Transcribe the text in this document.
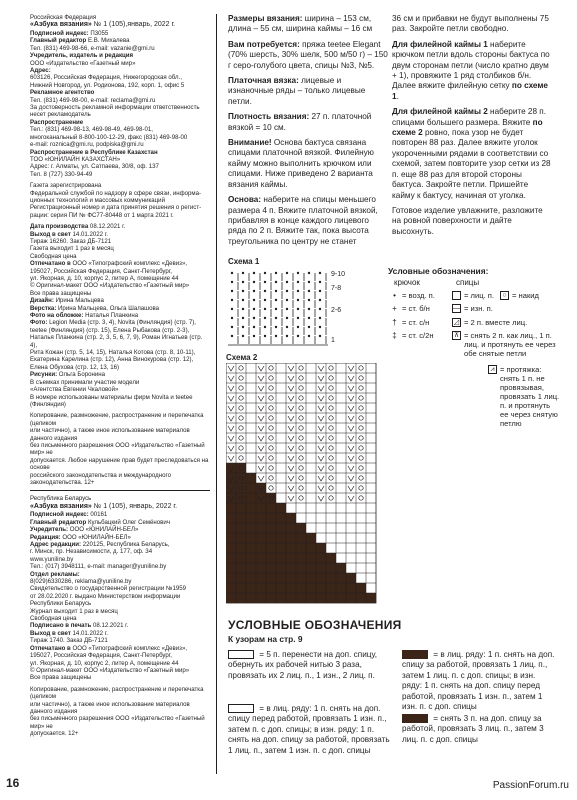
Российская Федерация

«Азбука вязания» № 1 (105),январь, 2022 г.

Подписной индекс: П3055

Главный редактор Е.В. Михалева

Тел. (831) 469-98-66, e-mail: vazanie@gmi.ru

Учредитель, издатель и редакция

ООО «Издательство «Газетный мир»

Адрес:

603126, Российская Федерация, Нижегородская обл.,

Нижний Новгород, ул. Родионова, 192, корп. 1, офис 5

Рекламное агентство

Тел. (831) 469-98-00, e-mail: reclama@gmi.ru

За достоверность рекламной информации ответственность

несет рекламодатель

Распространение

Тел.: (831) 469-98-13, 469-98-49, 469-98-01,

многоканальный 8-800-100-12-29, факс (831) 469-98-00

e-mail: roznica@gmi.ru, podpiska@gmi.ru

Распространение в Республике Казахстан

ТОО «ЮНИЛАЙН КАЗАХСТАН»

Адрес: г. Алматы, ул. Сатпаева, 30/8, оф. 137

Тел. 8 (727) 330-94-49

Газета зарегистрирована

Федеральной службой по надзору в сфере связи, информа-

ционных технологий и массовых коммуникаций

Регистрационный номер и дата принятия решения о регист-

рации: серия ПИ № ФС77-80448 от 1 марта 2021 г.

Дата производства 08.12.2021 г.

Выход в свет 14.01.2022 г.

Тираж 16260. Заказ ДБ-7121

Газета выходит 1 раз в месяц

Свободная цена

Отпечатано в ООО «Типографский комплекс «Девиз»,

195027, Российская Федерация, Санкт-Петербург,

ул. Якорная, д. 10, корпус 2, литер А, помещение 44

© Оригинал-макет ООО «Издательство «Газетный мир»

Все права защищены

Дизайн: Ирина Мальцева

Верстка: Ирина Мальцева, Ольга Шалашова

Фото на обложке: Наталья Планкина

Фото: Legion Media (стр. 3, 4), Novita (Финляндия) (стр. 7),

teetee (Финляндия) (стр. 15), Елена Рыбакова (стр. 2-3),

Наталья Планкина (стр. 2, 3, 5, 6, 7, 9), Роман Игнатьев (стр. 4),

Рита Кожан (стр. 5, 14, 15), Наталья Котова (стр. 8, 10-11),

Екатерина Карелина (стр. 12), Анна Винокурова (стр. 12),

Елена Обухова (стр. 12, 13, 16)

Рисунки: Ольга Боронина

В съемках принимали участие модели

«Агентства Евгении Чкаловой»

В номере использованы материалы фирм Novita и teetee

(Финляндия)

Копирование, размножение, распространение и перепечатка (целиком

или частично), а также иное использование материалов данного издания

без письменного разрешения ООО «Издательство «Газетный мир» не

допускается. Любое нарушение прав будет преследоваться на основе

российского законодательства и международного законодательства. 12+

Республика Беларусь

«Азбука вязания» № 1 (105), январь, 2022 г.

Подписной индекс: 00161

Главный редактор Кульбацкий Олег Семёнович

Учредитель: ООО «ЮНИЛАЙН-БЕЛ»

Редакция: ООО «ЮНИЛАЙН-БЕЛ»

Адрес редакции: 220125, Республика Беларусь,

г. Минск, пр. Независимости, д. 177, оф. 34

www.yuniline.by

Тел.: (017) 3948111, e-mail: manager@yuniline.by

Отдел рекламы:

8(029)6330286, reklama@yuniline.by

Свидетельство о государственной регистрации №1959

от 28.02.2020 г. выдано Министерством информации

Республики Беларусь

Журнал выходит 1 раз в месяц

Свободная цена

Подписано в печать 08.12.2021 г.

Выход в свет 14.01.2022 г.

Тираж 1740. Заказ ДБ-7121

Отпечатано в ООО «Типографский комплекс «Девиз»,

195027, Российская Федерация, Санкт-Петербург,

ул. Якорная, д. 10, корпус 2, литер А, помещение 44

© Оригинал-макет ООО «Издательство «Газетный мир»

Все права защищены

Копирование, размножение, распространение и перепечатка (целиком

или частично), а также иное использование материалов данного издания

без письменного разрешения ООО «Издательство «Газетный мир» не

допускается. 12+

Размеры вязания: ширина – 153 см, длина – 55 см, ширина каймы – 16 см

Вам потребуется: пряжа teetee Elegant (70% шерсть, 30% шелк, 500 м/50 г) – 150 г серо-голубого цвета, спицы №3, №5.

Платочная вязка: лицевые и изнаночные ряды – только лицевые петли.

Плотность вязания: 27 п. платочной вязкой = 10 см.

Внимание! Основа бактуса связана спицами платочной вязкой. Филейную кайму можно выполнить крючком или спицами. Ниже приведено 2 варианта вязания каймы.

Основа: наберите на спицы меньшего размера 4 п. Вяжите платочной вязкой, прибавляя в конце каждого лицевого ряда по 2 п. Вяжите так, пока высота треугольника по центру не станет

36 см и прибавки не будут выполнены 75 раз. Закройте петли свободно.

Для филейной каймы 1 наберите крючком петли вдоль стороны бактуса по двум сторонам петли (число кратно двум + 1), провяжите 1 ряд столбиков б/н. Далее вяжите филейную сетку по схеме 1.

Для филейной каймы 2 наберите 28 п. спицами большего размера. Вяжите по схеме 2 ровно, пока узор не будет повторен 88 раз. Далее вяжите уголок укороченными рядами в соответствии со схемой, затем повторите узор сетки из 28 п. еще 88 раз для второй стороны бактуса. Закройте петли. Пришейте кайму к бактусу, начиная от уголка.

Готовое изделие увлажните, разложите на ровной поверхности и дайте высохнуть.

Схема 1
9-10
7-8
2-6
1
Условные обозначения:
крючок	спицы
• = возд. п.
+ = ст. б/н
† = ст. с/н
‡ = ст. с/2н
= лиц. п.
— = изн. п.
◿ = 2 п. вместе лиц.
⊼ = снять 2 п. как лиц., 1 п. лиц. и протянуть ее через обе снятые петли
○ = накид
⩘ = протяжка: снять 1 п. не провязывая, провязать 1 лиц. п. и протянуть ее через снятую петлю
Схема 2
УСЛОВНЫЕ ОБОЗНАЧЕНИЯ
К узорам на стр. 9
= 5 п. перенести на доп. спицу, обернуть их рабочей нитью 3 раза, провязать их 2 лиц. п., 1 изн., 2 лиц. п.
= в лиц. ряду: 1 п. снять на доп. спицу перед работой, провязать 1 изн. п., затем п. с доп. спицы; в изн. ряду: 1 п. снять на доп. спицу за работой, провязать 1 лиц. п., затем 1 изн. п. с доп. спицы
= в лиц. ряду: 1 п. снять на доп. спицу за работой, провязать 1 лиц. п., затем 1 лиц. п. с доп. спицы; в изн. ряду: 1 п. снять на доп. спицу перед работой, провязать 1 изн. п., затем 1 изн. п. с доп. спицы
= снять 3 п. на доп. спицу за работой, провязать 3 лиц. п., затем 3 лиц. п. с доп. спицы
16	PassionForum.ru
